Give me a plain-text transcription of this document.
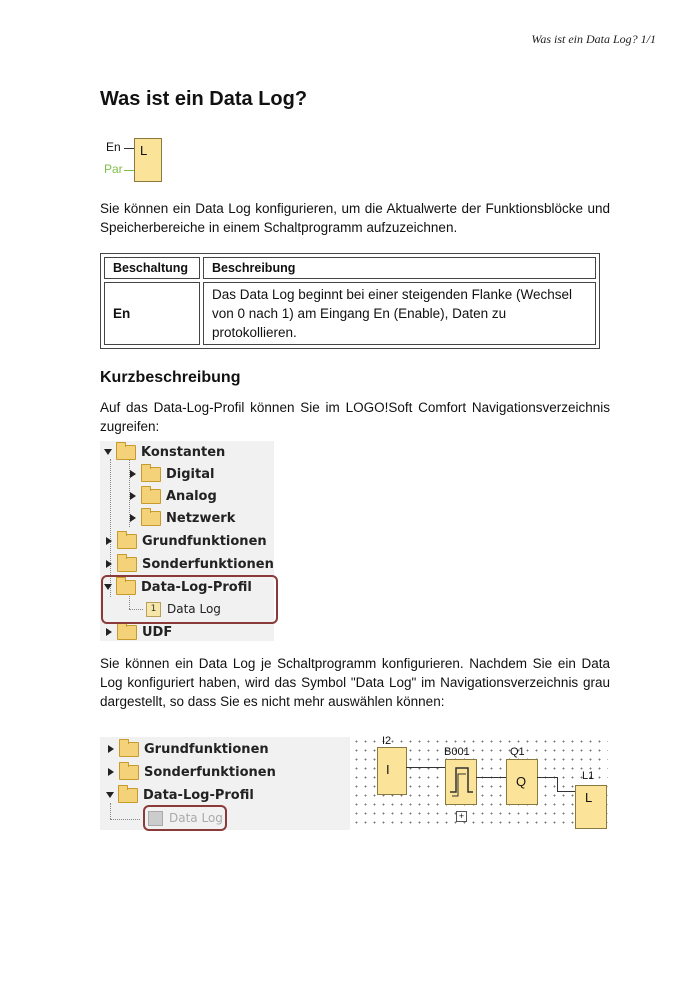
Was ist ein Data Log? 1/1
Was ist ein Data Log?
En
Par
L

Sie können ein Data Log konfigurieren, um die Aktualwerte der Funktionsblöcke und Speicherbereiche in einem Schaltprogramm aufzuzeichnen.

Beschaltung	Beschreibung
En	Das Data Log beginnt bei einer steigenden Flanke (Wechsel von 0 nach 1) am Eingang En (Enable), Daten zu protokollieren.
Kurzbeschreibung

Auf das Data-Log-Profil können Sie im LOGO!Soft Comfort Navigationsverzeichnis zugreifen:

Konstanten
Digital
Analog
Netzwerk
Grundfunktionen
Sonderfunktionen
Data-Log-Profil
1 Data Log
UDF

Sie können ein Data Log je Schaltprogramm konfigurieren. Nachdem Sie ein Data Log konfiguriert haben, wird das Symbol "Data Log" im Navigationsverzeichnis grau dargestellt, so dass Sie es nicht mehr auswählen können:

Grundfunktionen
Sonderfunktionen
Data-Log-Profil
Data Log
I2
B001	Q1
L1
I
+
Q
L
